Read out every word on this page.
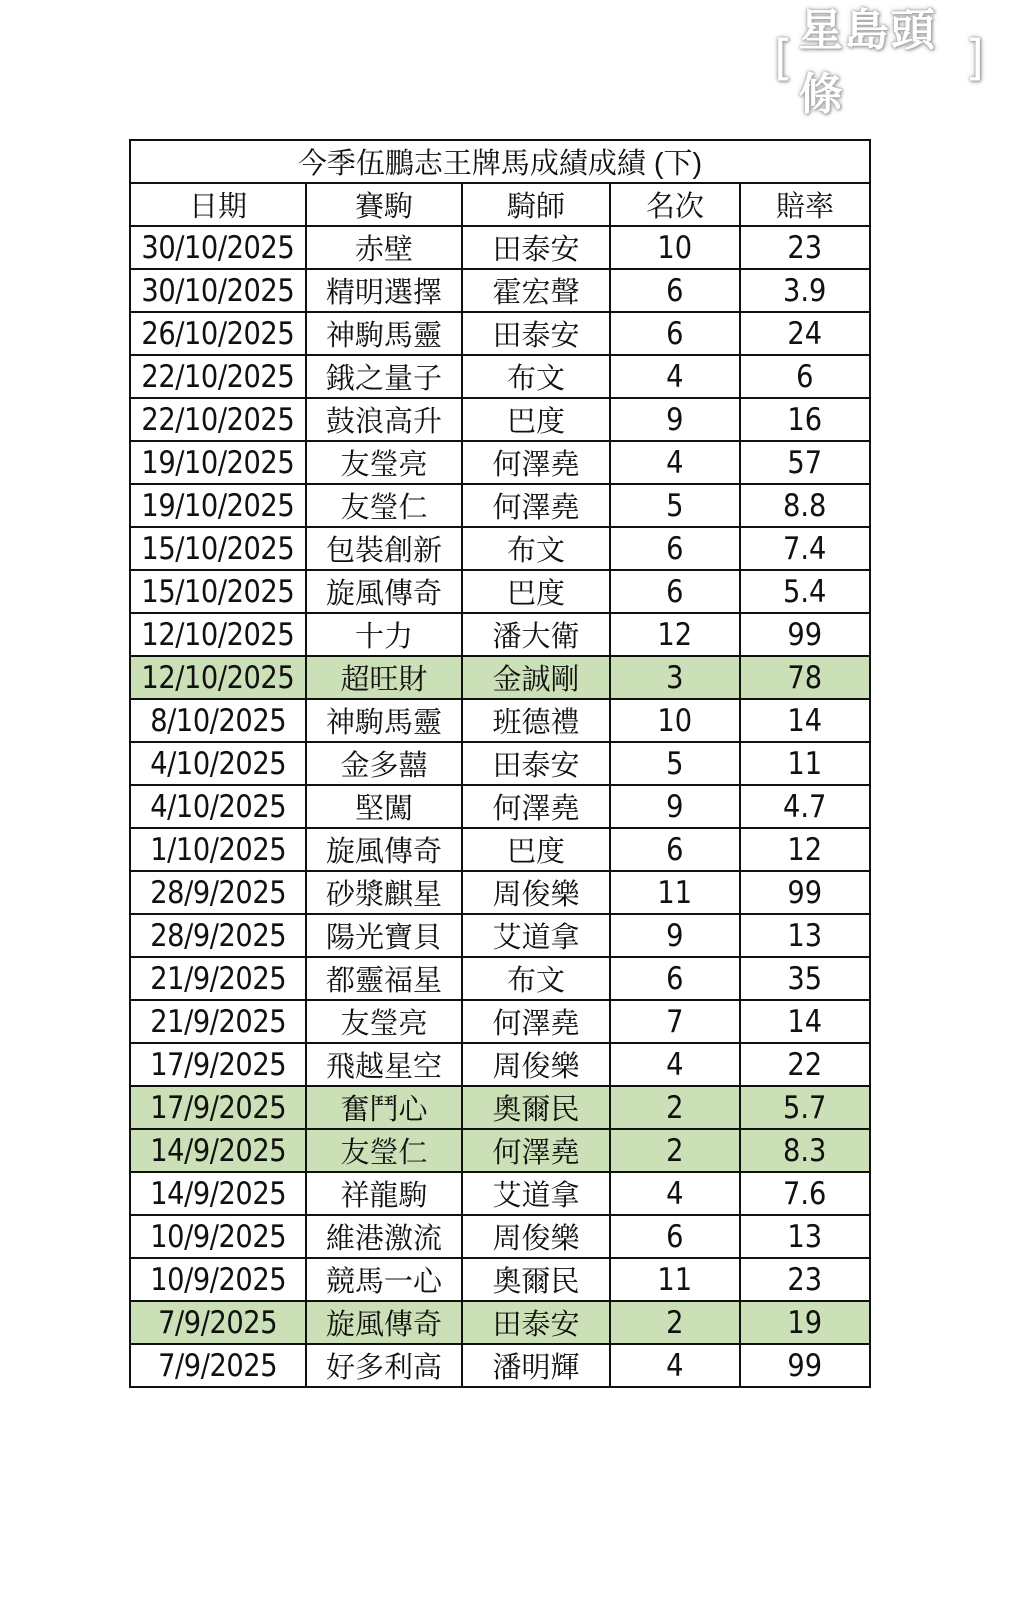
[ 星島頭條
]
今季伍鵬志王牌馬成績成績 (下)				
日期	賽駒	騎師	名次	賠率
30/10/2025	赤壁	田泰安	10	23
30/10/2025	精明選擇	霍宏聲	6	3.9
26/10/2025	神駒馬靈	田泰安	6	24
22/10/2025	鋨之量子	布文	4	6
22/10/2025	鼓浪高升	巴度	9	16
19/10/2025	友瑩亮	何澤堯	4	57
19/10/2025	友瑩仁	何澤堯	5	8.8
15/10/2025	包裝創新	布文	6	7.4
15/10/2025	旋風傳奇	巴度	6	5.4
12/10/2025	十力	潘大衛	12	99
12/10/2025	超旺財	金誠剛	3	78
8/10/2025	神駒馬靈	班德禮	10	14
4/10/2025	金多囍	田泰安	5	11
4/10/2025	堅闖	何澤堯	9	4.7
1/10/2025	旋風傳奇	巴度	6	12
28/9/2025	砂漿麒星	周俊樂	11	99
28/9/2025	陽光寶貝	艾道拿	9	13
21/9/2025	都靈福星	布文	6	35
21/9/2025	友瑩亮	何澤堯	7	14
17/9/2025	飛越星空	周俊樂	4	22
17/9/2025	奮鬥心	奧爾民	2	5.7
14/9/2025	友瑩仁	何澤堯	2	8.3
14/9/2025	祥龍駒	艾道拿	4	7.6
10/9/2025	維港激流	周俊樂	6	13
10/9/2025	競馬一心	奧爾民	11	23
7/9/2025	旋風傳奇	田泰安	2	19
7/9/2025	好多利高	潘明輝	4	99
